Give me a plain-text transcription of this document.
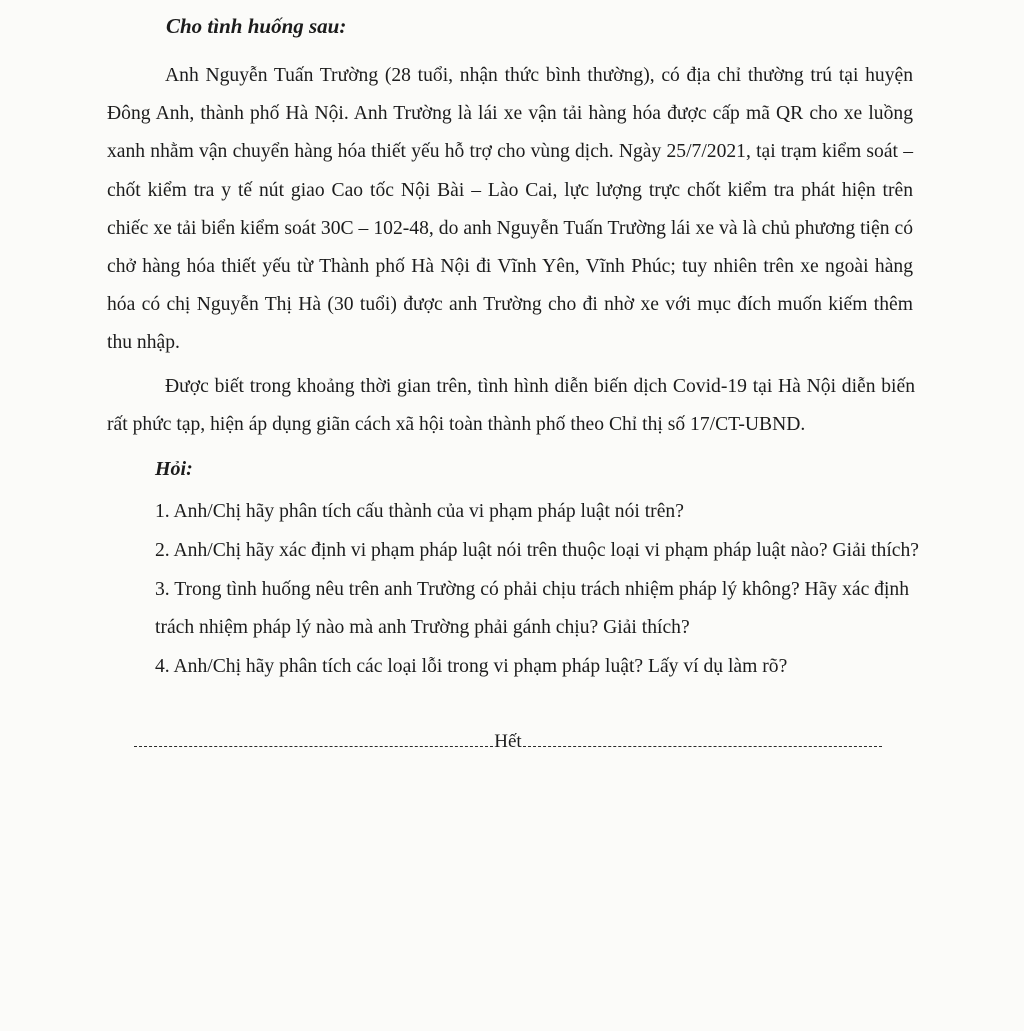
Cho tình huống sau:
Anh Nguyễn Tuấn Trường (28 tuổi, nhận thức bình thường), có địa chỉ thường trú tại huyện Đông Anh, thành phố Hà Nội. Anh Trường là lái xe vận tải hàng hóa được cấp mã QR cho xe luồng xanh nhằm vận chuyển hàng hóa thiết yếu hỗ trợ cho vùng dịch. Ngày 25/7/2021, tại trạm kiểm soát – chốt kiểm tra y tế nút giao Cao tốc Nội Bài – Lào Cai, lực lượng trực chốt kiểm tra phát hiện trên chiếc xe tải biển kiểm soát 30C – 102-48, do anh Nguyễn Tuấn Trường lái xe và là chủ phương tiện có chở hàng hóa thiết yếu từ Thành phố Hà Nội đi Vĩnh Yên, Vĩnh Phúc; tuy nhiên trên xe ngoài hàng hóa có chị Nguyễn Thị Hà (30 tuổi) được anh Trường cho đi nhờ xe với mục đích muốn kiếm thêm thu nhập.
Được biết trong khoảng thời gian trên, tình hình diễn biến dịch Covid-19 tại Hà Nội diễn biến rất phức tạp, hiện áp dụng giãn cách xã hội toàn thành phố theo Chỉ thị số 17/CT-UBND.
Hỏi:
1. Anh/Chị hãy phân tích cấu thành của vi phạm pháp luật nói trên?
2. Anh/Chị hãy xác định vi phạm pháp luật nói trên thuộc loại vi phạm pháp luật nào? Giải thích?
3. Trong tình huống nêu trên anh Trường có phải chịu trách nhiệm pháp lý không? Hãy xác định trách nhiệm pháp lý nào mà anh Trường phải gánh chịu? Giải thích?
4. Anh/Chị hãy phân tích các loại lỗi trong vi phạm pháp luật? Lấy ví dụ làm rõ?
Hết
